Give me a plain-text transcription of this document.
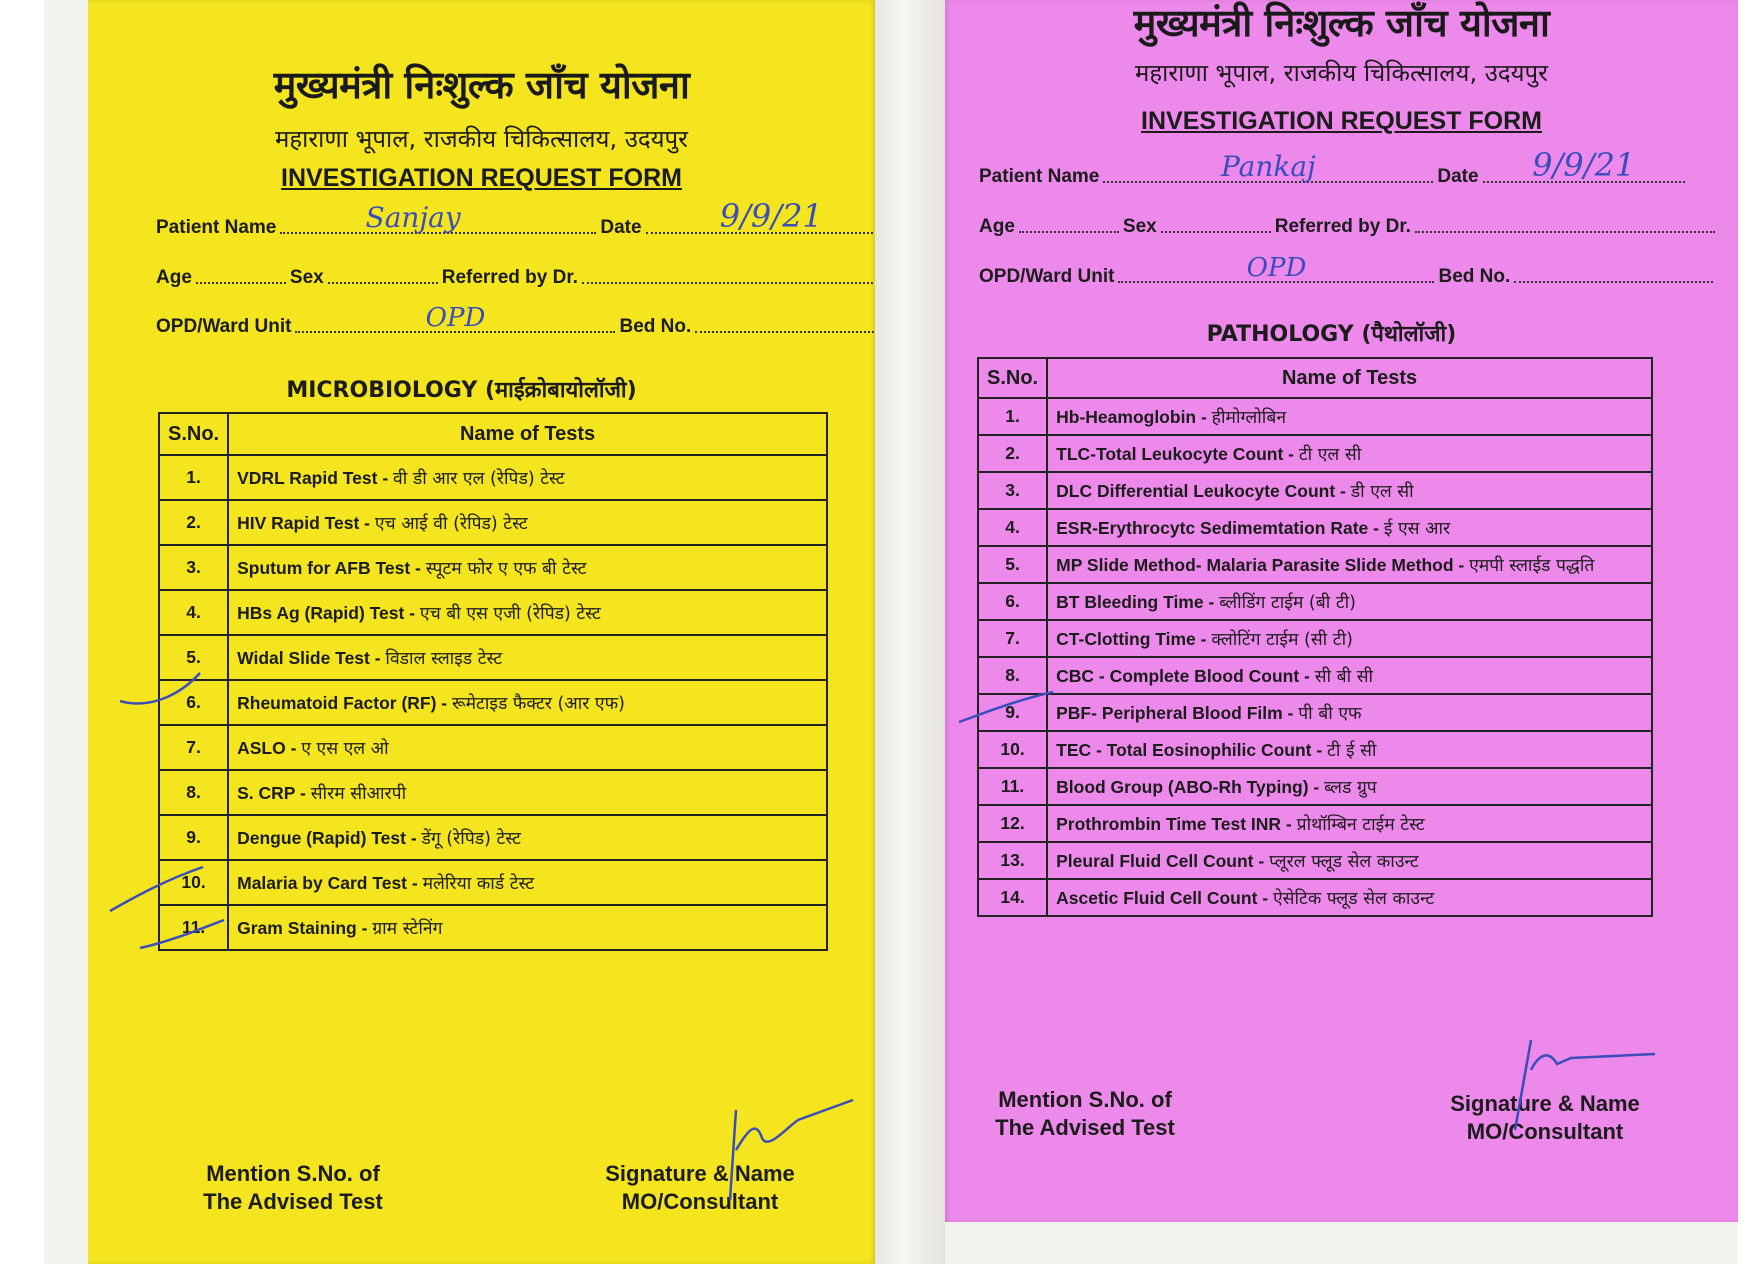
मुख्यमंत्री निःशुल्क जाँच योजना
महाराणा भूपाल, राजकीय चिकित्सालय, उदयपुर
INVESTIGATION REQUEST FORM
Patient Name	Sanjay	Date 9/9/21
Age	Sex	Referred by Dr.
OPD/Ward Unit	OPD	Bed No.
MICROBIOLOGY (माईक्रोबायोलॉजी)
S.No.	Name of Tests
1.	VDRL Rapid Test - वी डी आर एल (रेपिड) टेस्ट
2.	HIV Rapid Test - एच आई वी (रेपिड) टेस्ट
3.	Sputum for AFB Test - स्पूटम फोर ए एफ बी टेस्ट
4.	HBs Ag (Rapid) Test - एच बी एस एजी (रेपिड) टेस्ट
5.	Widal Slide Test - विडाल स्लाइड टेस्ट
6.	Rheumatoid Factor (RF) - रूमेटाइड फैक्टर (आर एफ)
7.	ASLO - ए एस एल ओ
8.	S. CRP - सीरम सीआरपी
9.	Dengue (Rapid) Test - डेंगू (रेपिड) टेस्ट
10.	Malaria by Card Test - मलेरिया कार्ड टेस्ट
11.	Gram Staining - ग्राम स्टेनिंग
Mention S.No. of
The Advised Test
Signature & Name
MO/Consultant
मुख्यमंत्री निःशुल्क जाँच योजना
महाराणा भूपाल, राजकीय चिकित्सालय, उदयपुर
INVESTIGATION REQUEST FORM
Patient Name	Pankaj	Date 9/9/21
Age	Sex	Referred by Dr.
OPD/Ward Unit	OPD	Bed No.
PATHOLOGY (पैथोलॉजी)
S.No.	Name of Tests
1.	Hb-Heamoglobin - हीमोग्लोबिन
2.	TLC-Total Leukocyte Count - टी एल सी
3.	DLC Differential Leukocyte Count - डी एल सी
4.	ESR-Erythrocytc Sedimemtation Rate - ई एस आर
5.	MP Slide Method- Malaria Parasite Slide Method - एमपी स्लाईड पद्धति
6.	BT Bleeding Time - ब्लीडिंग टाईम (बी टी)
7.	CT-Clotting Time - क्लोटिंग टाईम (सी टी)
8.	CBC - Complete Blood Count - सी बी सी
9.	PBF- Peripheral Blood Film - पी बी एफ
10.	TEC - Total Eosinophilic Count - टी ई सी
11.	Blood Group (ABO-Rh Typing) - ब्लड ग्रुप
12.	Prothrombin Time Test INR - प्रोथॉम्बिन टाईम टेस्ट
13.	Pleural Fluid Cell Count - प्लूरल फ्लूड सेल काउन्ट
14.	Ascetic Fluid Cell Count - ऐसेटिक फ्लूड सेल काउन्ट
Mention S.No. of
The Advised Test
Signature & Name
MO/Consultant
